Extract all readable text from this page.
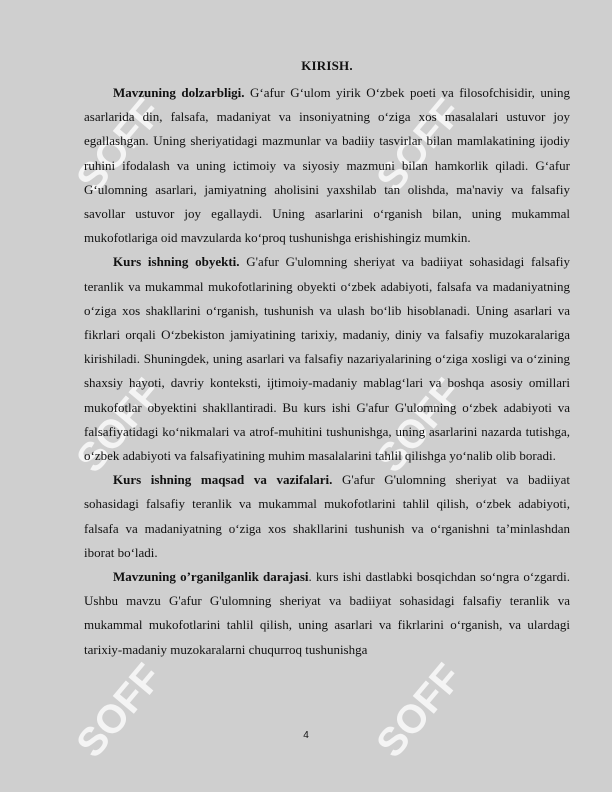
SOFF	SOFF
SOFF	SOFF
SOFF	SOFF
KIRISH.

Mavzuning dolzarbligi. G‘afur G‘ulom yirik O‘zbek poeti va filosofchisidir, uning asarlarida din, falsafa, madaniyat va insoniyatning o‘ziga xos masalalari ustuvor joy egallashgan. Uning sheriyatidagi mazmunlar va badiiy tasvirlar bilan mamlakatining ijodiy ruhini ifodalash va uning ictimoiy va siyosiy mazmuni bilan hamkorlik qiladi. G‘afur G‘ulomning asarlari, jamiyatning aholisini yaxshilab tan olishda, ma'naviy va falsafiy savollar ustuvor joy egallaydi. Uning asarlarini o‘rganish bilan, uning mukammal mukofotlariga oid mavzularda ko‘proq tushunishga erishishingiz mumkin.

Kurs ishning obyekti. G'afur G'ulomning sheriyat va badiiyat sohasidagi falsafiy teranlik va mukammal mukofotlarining obyekti o‘zbek adabiyoti, falsafa va madaniyatning o‘ziga xos shakllarini o‘rganish, tushunish va ulash bo‘lib hisoblanadi. Uning asarlari va fikrlari orqali O‘zbekiston jamiyatining tarixiy, madaniy, diniy va falsafiy muzokaralariga kirishiladi. Shuningdek, uning asarlari va falsafiy nazariyalarining o‘ziga xosligi va o‘zining shaxsiy hayoti, davriy konteksti, ijtimoiy-madaniy mablag‘lari va boshqa asosiy omillari mukofotlar obyektini shakllantiradi. Bu kurs ishi G'afur G'ulomning o‘zbek adabiyoti va falsafiyatidagi ko‘nikmalari va atrof-muhitini tushunishga, uning asarlarini nazarda tutishga, o‘zbek adabiyoti va falsafiyatining muhim masalalarini tahlil qilishga yo‘nalib olib boradi.

Kurs ishning maqsad va vazifalari. G'afur G'ulomning sheriyat va badiiyat sohasidagi falsafiy teranlik va mukammal mukofotlarini tahlil qilish, o‘zbek adabiyoti, falsafa va madaniyatning o‘ziga xos shakllarini tushunish va o‘rganishni ta’minlashdan iborat bo‘ladi.

Mavzuning o’rganilganlik darajasi. kurs ishi dastlabki bosqichdan so‘ngra o‘zgardi. Ushbu mavzu G'afur G'ulomning sheriyat va badiiyat sohasidagi falsafiy teranlik va mukammal mukofotlarini tahlil qilish, uning asarlari va fikrlarini o‘rganish, va ulardagi tarixiy-madaniy muzokaralarni chuqurroq tushunishga

4
